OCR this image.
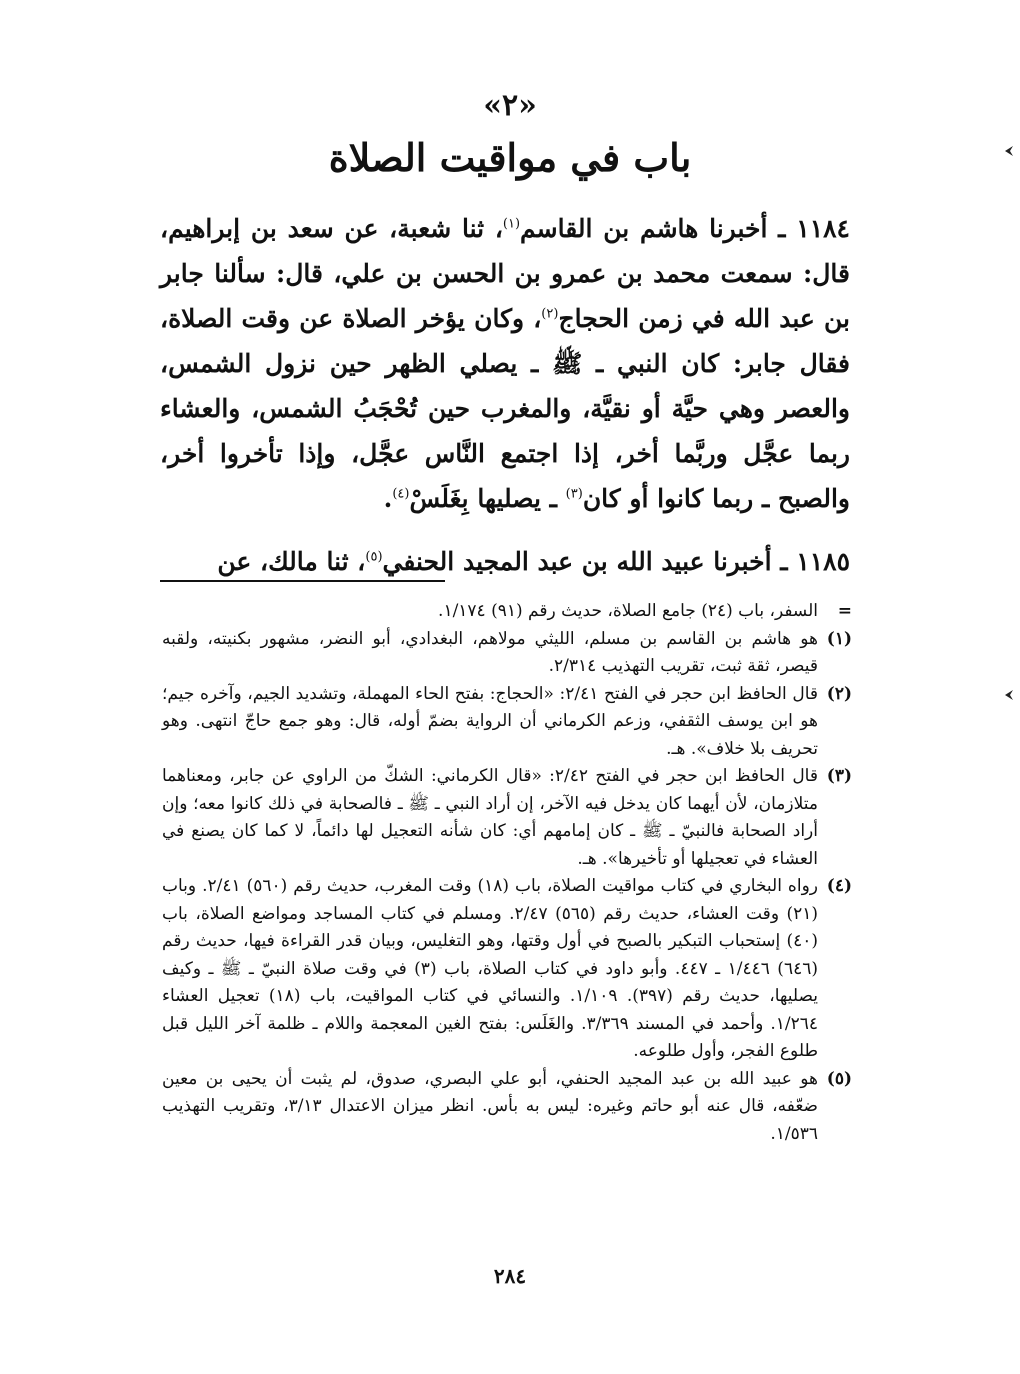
«٢»
باب في مواقيت الصلاة

١١٨٤ ـ أخبرنا هاشم بن القاسم$^{(١)}$، ثنا شعبة، عن سعد بن إبراهيم، قال: سمعت محمد بن عمرو بن الحسن بن علي، قال: سألنا جابر بن عبد الله في زمن الحجاج$^{(٢)}$، وكان يؤخر الصلاة عن وقت الصلاة، فقال جابر: كان النبي ـ ﷺ ـ يصلي الظهر حين نزول الشمس، والعصر وهي حيَّة أو نقيَّة، والمغرب حين تُحْجَبُ الشمس، والعشاء ربما عجَّل وربَّما أخر، إذا اجتمع النَّاس عجَّل، وإذا تأخروا أخر، والصبح ـ ربما كانوا أو كان$^{(٣)}$ ـ يصليها بِغَلَسْ$^{(٤)}$.

١١٨٥ ـ أخبرنا عبيد الله بن عبد المجيد الحنفي$^{(٥)}$، ثنا مالك، عن

=
السفر، باب (٢٤) جامع الصلاة، حديث رقم (٩١) ١/١٧٤.
(١)
هو هاشم بن القاسم بن مسلم، الليثي مولاهم، البغدادي، أبو النضر، مشهور بكنيته، ولقبه قيصر، ثقة ثبت، تقريب التهذيب ٢/٣١٤.
(٢)
قال الحافظ ابن حجر في الفتح ٢/٤١: «الحجاج: بفتح الحاء المهملة، وتشديد الجيم، وآخره جيم؛ هو ابن يوسف الثقفي، وزعم الكرماني أن الرواية بضمّ أوله، قال: وهو جمع حاجّ انتهى. وهو تحريف بلا خلاف». هـ.
(٣)
قال الحافظ ابن حجر في الفتح ٢/٤٢: «قال الكرماني: الشكّ من الراوي عن جابر، ومعناهما متلازمان، لأن أيهما كان يدخل فيه الآخر، إن أراد النبي ـ ﷺ ـ فالصحابة في ذلك كانوا معه؛ وإن أراد الصحابة فالنبيّ ـ ﷺ ـ كان إمامهم أي: كان شأنه التعجيل لها دائماً، لا كما كان يصنع في العشاء في تعجيلها أو تأخيرها». هـ.
(٤)
رواه البخاري في كتاب مواقيت الصلاة، باب (١٨) وقت المغرب، حديث رقم (٥٦٠) ٢/٤١. وباب (٢١) وقت العشاء، حديث رقم (٥٦٥) ٢/٤٧. ومسلم في كتاب المساجد ومواضع الصلاة، باب (٤٠) إستحباب التبكير بالصبح في أول وقتها، وهو التغليس، وبيان قدر القراءة فيها، حديث رقم (٦٤٦) ١/٤٤٦ ـ ٤٤٧. وأبو داود في كتاب الصلاة، باب (٣) في وقت صلاة النبيّ ـ ﷺ ـ وكيف يصليها، حديث رقم (٣٩٧). ١/١٠٩. والنسائي في كتاب المواقيت، باب (١٨) تعجيل العشاء ١/٢٦٤. وأحمد في المسند ٣/٣٦٩. والغَلَس: بفتح الغين المعجمة واللام ـ ظلمة آخر الليل قبل طلوع الفجر، وأول طلوعه.
(٥)
هو عبيد الله بن عبد المجيد الحنفي، أبو علي البصري، صدوق، لم يثبت أن يحيى بن معين ضعّفه، قال عنه أبو حاتم وغيره: ليس به بأس. انظر ميزان الاعتدال ٣/١٣، وتقريب التهذيب ١/٥٣٦.
٢٨٤
